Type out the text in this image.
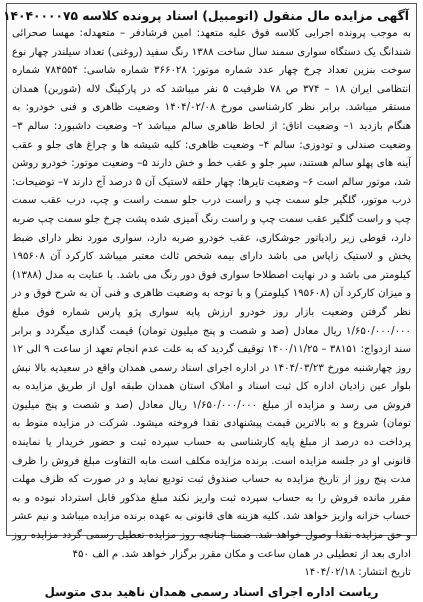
آگهی مزایده مال منقول (اتومبیل) اسناد پرونده کلاسه ۱۴۰۴۰۰۰۰۷۵

به موجب پرونده اجرایی کلاسه فوق علیه متعهد: امین فرشادفر – متعهدله: مهسا صحرائی شندانگ یک دستگاه سواری سمند سال ساخت ۱۳۸۸ رنگ سفید (روغنی) تعداد سیلندر چهار نوع سوخت بنزین تعداد چرخ چهار عدد شماره موتور: ۳۶۶۰۲۸ شماره شاسی: ۷۸۴۵۵۴ شماره انتظامی ایران ۱۸ – ۳۷۴ ص ۷۸ ظرفیت ۵ نفر میباشد که در پارکینگ لاله (شوربن) همدان مستقر میباشد. برابر نظر کارشناسی مورخ ۱۴۰۴/۰۲/۰۸ وضعیت ظاهری و فنی خودرو: به هنگام بازدید ۱– وضعیت اتاق: از لحاظ ظاهری سالم میباشد ۲– وضعیت داشبورد: سالم ۳– وضعیت صندلی و تودوزی: سالم ۴– وضعیت ظاهری: کلیه شیشه ها و چراغ های جلو و عقب آینه های پهلو سالم هستند، سپر جلو و عقب خط و خش دارند ۵– وضعیت موتور: خودرو روشن شد، موتور سالم است ۶– وضعیت تایرها: چهار حلقه لاستیک آن ۵ درصد آج دارند ۷– توضیحات: درب موتور، گلگیر جلو سمت چپ و راست درب جلو سمت راست و چپ، درب عقب سمت چپ و راست گلگیر عقب سمت چپ و راست رنگ آمیزی شده پشت چرخ جلو سمت چپ ضربه دارد، قوطی زیر رادیاتور جوشکاری، عقب خودرو ضربه دارد، سواری مورد نظر دارای ضبط پخش و لاستیک زاپاس می باشد دارای بیمه شخص ثالث معتبر میباشد کارکرد آن ۱۹۵۶۰۸ کیلومتر می باشد و در نهایت اصطلاحا سواری فوق دور رنگ می باشد. با عنایت به مدل (۱۳۸۸) و میزان کارکرد آن (۱۹۵۶۰۸ کیلومتر) و با توجه به وضعیت ظاهری و فنی آن به شرح فوق و در نظر گرفتن وضعیت بازار روز خودرو ارزش پایه سواری پژو پارس شماره فوق مبلغ ۱/۶۵۰/۰۰۰/۰۰۰ ریال معادل (صد و شصت و پنج میلیون تومان) قیمت گذاری میگردد و برابر سند ازدواج: ۳۸۱۵۱ – ۱۴۰۰/۱۱/۲۵ توقیف گردید که به علت عدم انجام تعهد از ساعت ۹ الی ۱۲ روز چهارشنبه مورخ ۱۴۰۴/۰۳/۲۳ در اداره اجرای اسناد رسمی همدان واقع در سعیدیه بالا نبش بلوار عین زادیان اداره کل ثبت اسناد و املاک استان همدان طبقه اول از طریق مزایده به فروش می رسد و مزایده از مبلغ ۱/۶۵۰/۰۰۰/۰۰۰ ریال معادل (صد و شصت و پنج میلیون تومان) شروع و به بالاترین قیمت پیشنهادی نقدا فروخته میشود. شرکت در مزایده منوط به پرداخت ده درصد از مبلغ پایه کارشناسی به حساب سپرده ثبت و حضور خریدار یا نماینده قانونی او در جلسه مزایده است. برنده مزایده مکلف است مابه التفاوت مبلغ فروش را ظرف مدت پنج روز از تاریخ مزایده به حساب صندوق ثبت تودیع نماید و در صورت که ظرف مهلت مقرر مانده فروش را به حساب سپرده ثبت واریز نکند مبلغ مذکور قابل استرداد نبوده و به حساب خزانه واریز خواهد شد. کلیه هزینه های قانونی به عهده برنده مزایده میباشد و نیم عشر و حق مزایده نقدا وصول خواهد شد. ضمنا چنانچه روز مزایده تعطیل رسمی گردد مزایده روز اداری بعد از تعطیلی در همان ساعت و مکان مقرر برگزار خواهد شد. م الف ۴۵۰

تاریخ انتشار: ۱۴۰۴/۰۲/۱۸

رياست اداره اجرای اسناد رسمی همدان ناهید بدی متوسل
